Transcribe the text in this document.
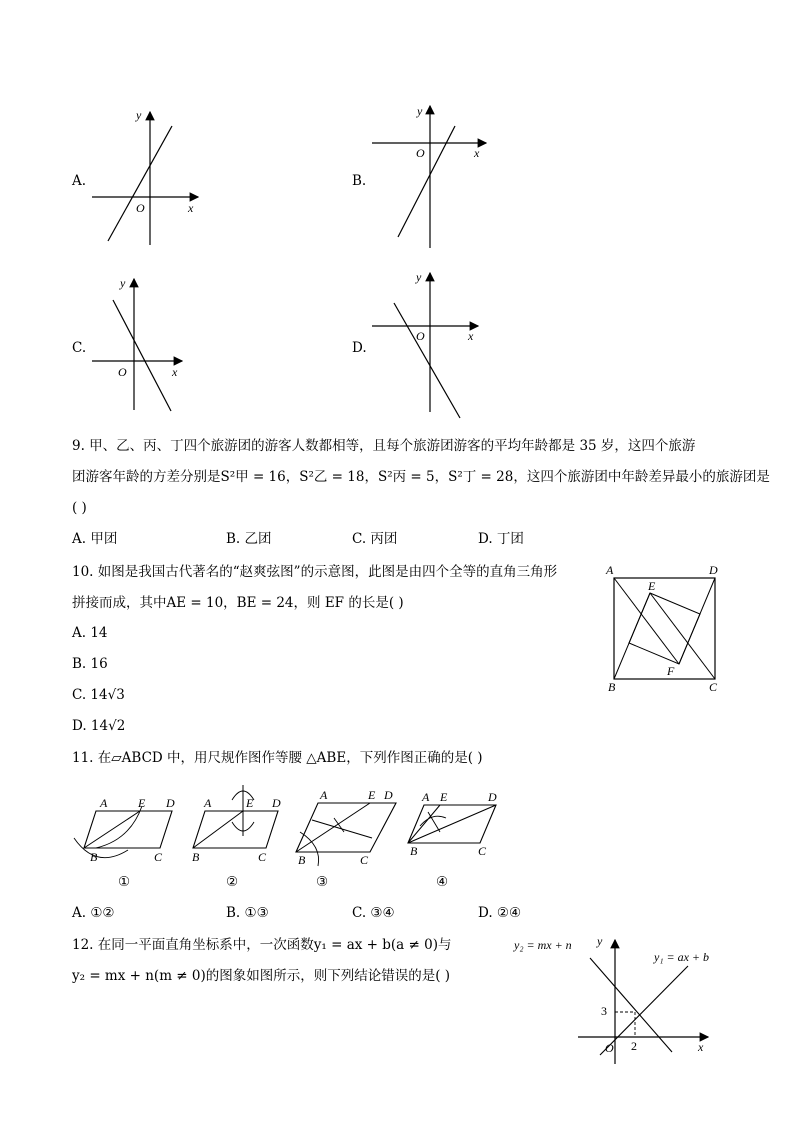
A.
y
x
O
B.
y
x
O
C.
y
x
O
D.
y
x
O
9. 甲、乙、丙、丁四个旅游团的游客人数都相等，且每个旅游团游客的平均年龄都是 35 岁，这四个旅游
团游客年龄的方差分别是S²甲 = 16，S²乙 = 18，S²丙 = 5，S²丁 = 28，这四个旅游团中年龄差异最小的旅游团是
( )
A. 甲团	B. 乙团	C. 丙团	D. 丁团
10. 如图是我国古代著名的“赵爽弦图”的示意图，此图是由四个全等的直角三角形
拼接而成，其中AE = 10，BE = 24，则 EF 的长是( )
A. 14
B. 16
C. 14√3
D. 14√2
A	D
E
F
B	C
11. 在▱ABCD 中，用尺规作图作等腰 △ABE，下列作图正确的是( )
A	E D
B	C
①
A	E D
B	C
②
A	E D
B	C
③
A E	D
B	C
④
A. ①②	B. ①③	C. ③④	D. ②④
12. 在同一平面直角坐标系中，一次函数y₁ = ax + b(a ≠ 0)与
y₂ = mx + n(m ≠ 0)的图象如图所示，则下列结论错误的是( )
y₂ = mx + n y
y₁ = ax + b
3
O 2	x
